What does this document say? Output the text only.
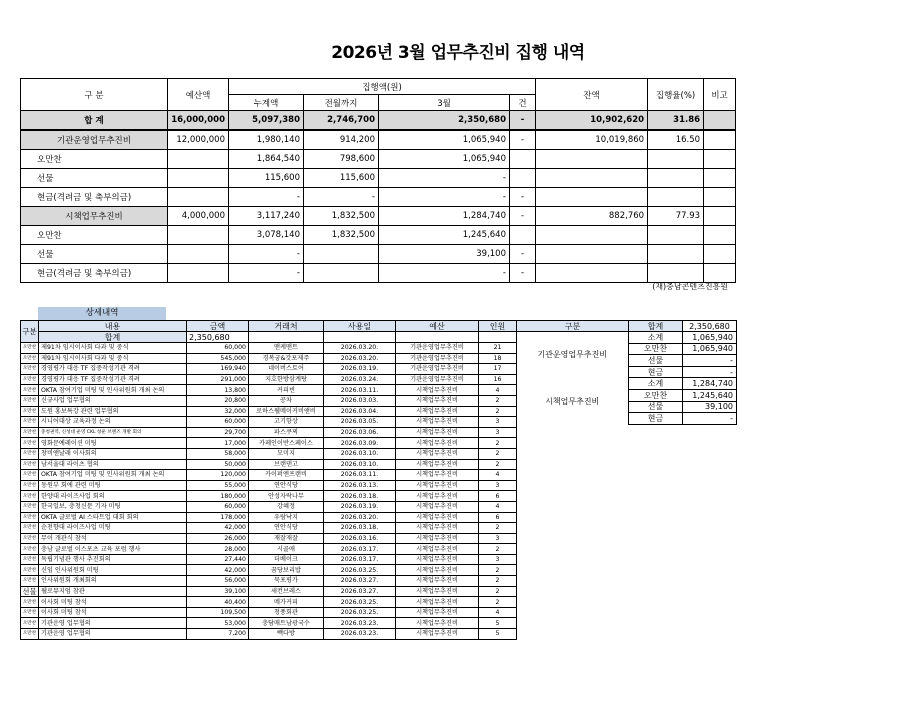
2026년 3월 업무추진비 집행 내역
구 분	예산액	집행액(원)				잔액	집행율(%)	비고
		누계액	전월까지	3월	건			
합 계	16,000,000	5,097,380	2,746,700	2,350,680	-	10,902,620	31.86	
기관운영업무추진비	12,000,000	1,980,140	914,200	1,065,940	-	10,019,860	16.50	
오만찬		1,864,540	798,600	1,065,940				
선물		115,600	115,600	-				
현금(격려금 및 축부의금)		-	-	-	-			
시책업무추진비	4,000,000	3,117,240	1,832,500	1,284,740	-	882,760	77.93	
오만찬		3,078,140	1,832,500	1,245,640				
선물		-		39,100	-			
현금(격려금 및 축부의금)		-		-	-			
(재)충남콘텐츠진흥원
상세내역
구분	내용	금액	거래처	사용일	예산	인원
	합계	2,350,680				
오만찬	제91차 임시이사회 다과 및 중식	60,000	맨케맨트	2026.03.20.	기관운영업무추진비	21
오만찬	제91차 임시이사회 다과 및 중식	545,000	경복궁&갓포제주	2026.03.20.	기관운영업무추진비	18
오만찬	경영평가 대응 TF 집중작성기관 격려	169,940	네이버스토어	2026.03.19.	기관운영업무추진비	17
오만찬	경영평가 대응 TF 집중작성기관 격려	291,000	지호한방삼계탕	2026.03.24.	기관운영업무추진비	16
오만찬	OKTA 참여기업 미팅 및 인사위원회 개최 논의	13,800	커피빈	2026.03.11.	시책업무추진비	4
오만찬	신규사업 업무협의	20,800	공차	2026.03.03.	시책업무추진비	2
오만찬	도원 홍보특강 관련 업무협의	32,000	로하스웰메이커비앤비	2026.03.04.	시책업무추진비	2
오만찬	시니어대상 교육과정 논의	60,000	고기항상	2026.03.05.	시책업무추진비	3
오만찬	충청권역, 신성대 운영 CKL 창운 브랜즈 개발 회의	29,700	파스쿠찌	2026.03.06.	시책업무추진비	3
오만찬	영화문예레이션 미팅	17,000	카페인이반스페이스	2026.03.09.	시책업무추진비	2
오만찬	창비앤날래 이사회의	58,000	모미지	2026.03.10.	시책업무추진비	2
오만찬	남서울대 라이츠 협의	50,000	브랜댄고	2026.03.10.	시책업무추진비	2
오만찬	OKTA 참여기업 미팅 및 인사위원회 개최 논의	120,000	카이퍼엔프랜비	2026.03.11.	시책업무추진비	4
오만찬	동원부 회에 관련 미팅	55,000	연안식당	2026.03.13.	시책업무추진비	3
오만찬	한양대 라이즈사업 회의	180,000	안성자락나무	2026.03.18.	시책업무추진비	6
오만찬	한국일보, 충청신문 기자 미팅	60,000	강혜정	2026.03.19.	시책업무추진비	4
오만찬	OKTA 글로벌 AI 스타트업 대회 회의	178,000	우람낙지	2026.03.20.	시책업무추진비	6
오만찬	순천향대 라이즈사업 미팅	42,000	연안식당	2026.03.18.	시책업무추진비	2
오만찬	무이 개관식 참석	26,000	재잘재잘	2026.03.16.	시책업무추진비	3
오만찬	충남 글로벌 이스포츠 교육 포럼 행사	28,000	시골애	2026.03.17.	시책업무추진비	2
오만찬	독립기념관 행사 추진회의	27,440	더베이크	2026.03.17.	시책업무추진비	3
오만찬	신임 인사위원회 미팅	42,000	꿈당보리밥	2026.03.25.	시책업무추진비	2
오만찬	인사위원회 개최회의	56,000	묵포평가	2026.03.27.	시책업무추진비	2
선물	웰로뮤지엄 참관	39,100	세컨브레스	2026.03.27.	시책업무추진비	2
오만찬	이사회 미팅 참석	40,400	메가커피	2026.03.25.	시책업무추진비	2
오만찬	이사회 미팅 참석	109,500	청풍회관	2026.03.25.	시책업무추진비	4
오만찬	기관운영 업무협의	53,000	충담매트남광국수	2026.03.23.	시책업무추진비	5
오만찬	기관운영 업무협의	7,200	빽다방	2026.03.23.	시책업무추진비	5
구분	합계	2,350,680
기관운영업무추진비	소계	1,065,940
	오만찬	1,065,940
	선물	-
	현금	-
시책업무추진비	소계	1,284,740
	오만찬	1,245,640
	선물	39,100
	현금	-
